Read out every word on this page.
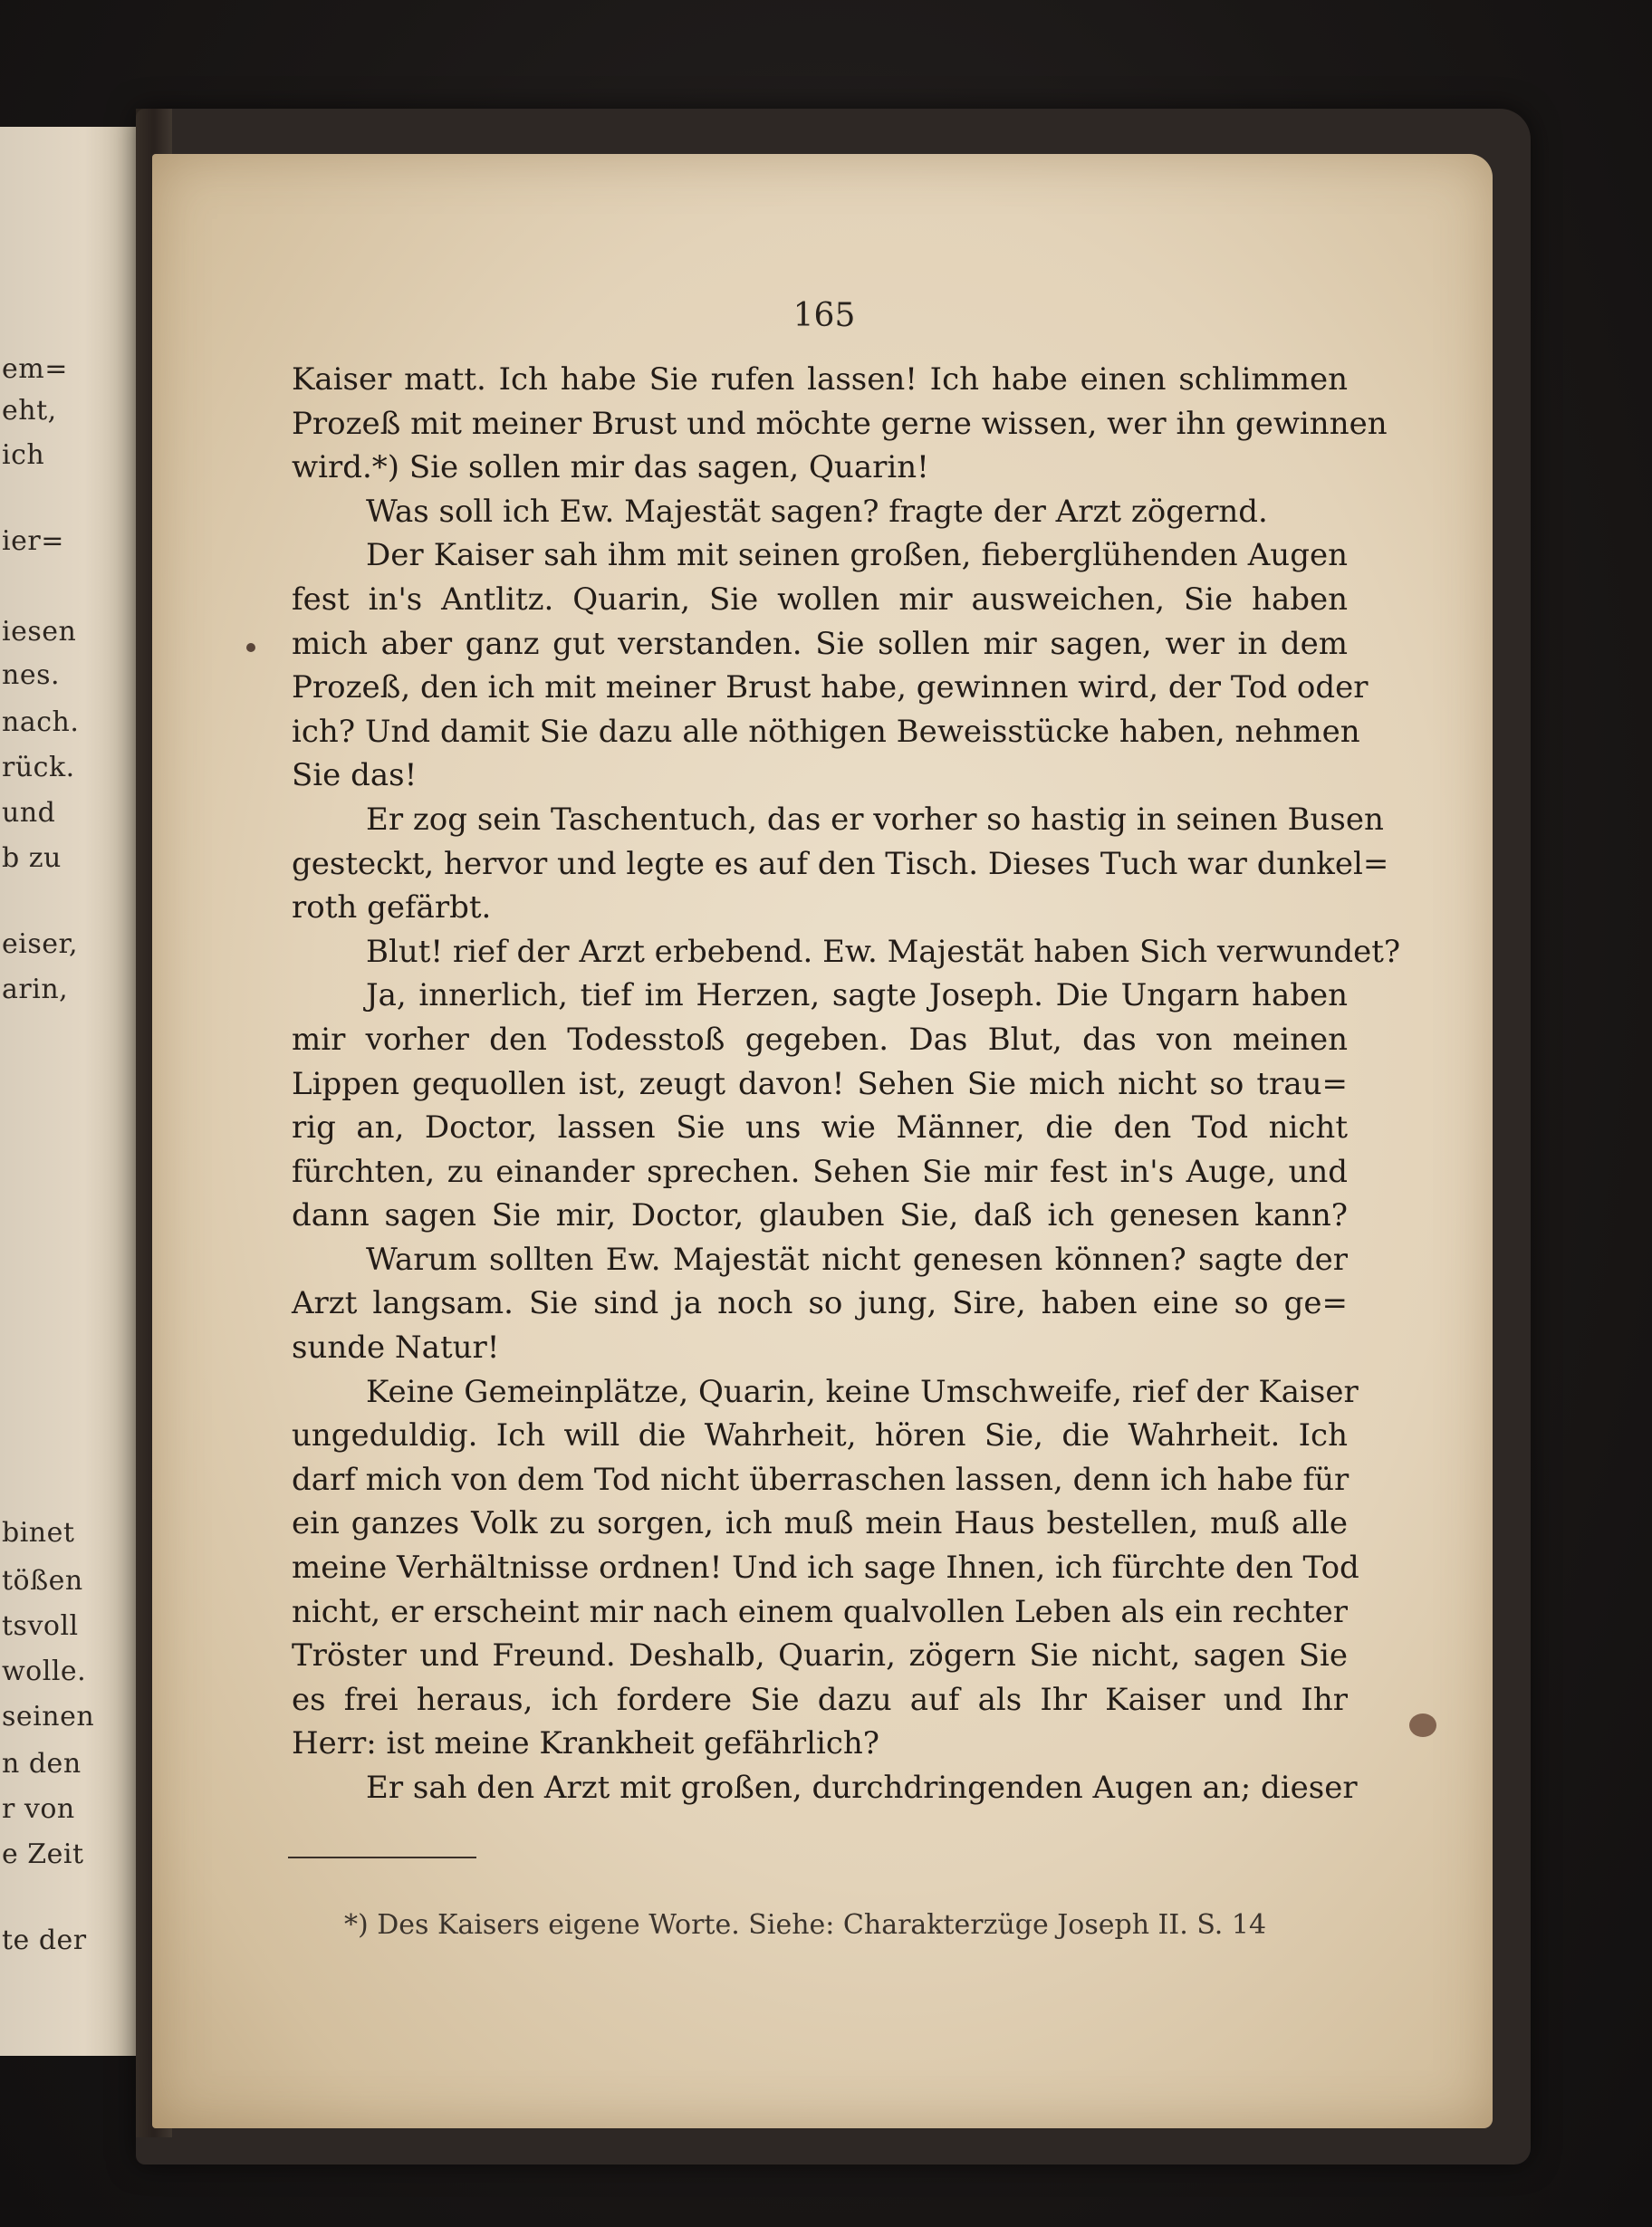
em=
eht,
ich
ier=
iesen
nes.
nach.
rück.
und
b zu
eiser,
arin,
binet
tößen
tsvoll
wolle.
seinen
n den
r von
e Zeit
te der
165
Kaiser matt. Ich habe Sie rufen lassen! Ich habe einen schlimmen
Prozeß mit meiner Brust und möchte gerne wissen, wer ihn gewinnen
wird.*) Sie sollen mir das sagen, Quarin!
Was soll ich Ew. Majestät sagen? fragte der Arzt zögernd.
Der Kaiser sah ihm mit seinen großen, fieberglühenden Augen
fest in's Antlitz. Quarin, Sie wollen mir ausweichen, Sie haben
mich aber ganz gut verstanden. Sie sollen mir sagen, wer in dem
Prozeß, den ich mit meiner Brust habe, gewinnen wird, der Tod oder
ich? Und damit Sie dazu alle nöthigen Beweisstücke haben, nehmen
Sie das!
Er zog sein Taschentuch, das er vorher so hastig in seinen Busen
gesteckt, hervor und legte es auf den Tisch. Dieses Tuch war dunkel=
roth gefärbt.
Blut! rief der Arzt erbebend. Ew. Majestät haben Sich verwundet?
Ja, innerlich, tief im Herzen, sagte Joseph. Die Ungarn haben
mir vorher den Todesstoß gegeben. Das Blut, das von meinen
Lippen gequollen ist, zeugt davon! Sehen Sie mich nicht so trau=
rig an, Doctor, lassen Sie uns wie Männer, die den Tod nicht
fürchten, zu einander sprechen. Sehen Sie mir fest in's Auge, und
dann sagen Sie mir, Doctor, glauben Sie, daß ich genesen kann?
Warum sollten Ew. Majestät nicht genesen können? sagte der
Arzt langsam. Sie sind ja noch so jung, Sire, haben eine so ge=
sunde Natur!
Keine Gemeinplätze, Quarin, keine Umschweife, rief der Kaiser
ungeduldig. Ich will die Wahrheit, hören Sie, die Wahrheit. Ich
darf mich von dem Tod nicht überraschen lassen, denn ich habe für
ein ganzes Volk zu sorgen, ich muß mein Haus bestellen, muß alle
meine Verhältnisse ordnen! Und ich sage Ihnen, ich fürchte den Tod
nicht, er erscheint mir nach einem qualvollen Leben als ein rechter
Tröster und Freund. Deshalb, Quarin, zögern Sie nicht, sagen Sie
es frei heraus, ich fordere Sie dazu auf als Ihr Kaiser und Ihr
Herr: ist meine Krankheit gefährlich?
Er sah den Arzt mit großen, durchdringenden Augen an; dieser
*) Des Kaisers eigene Worte. Siehe: Charakterzüge Joseph II. S. 14
